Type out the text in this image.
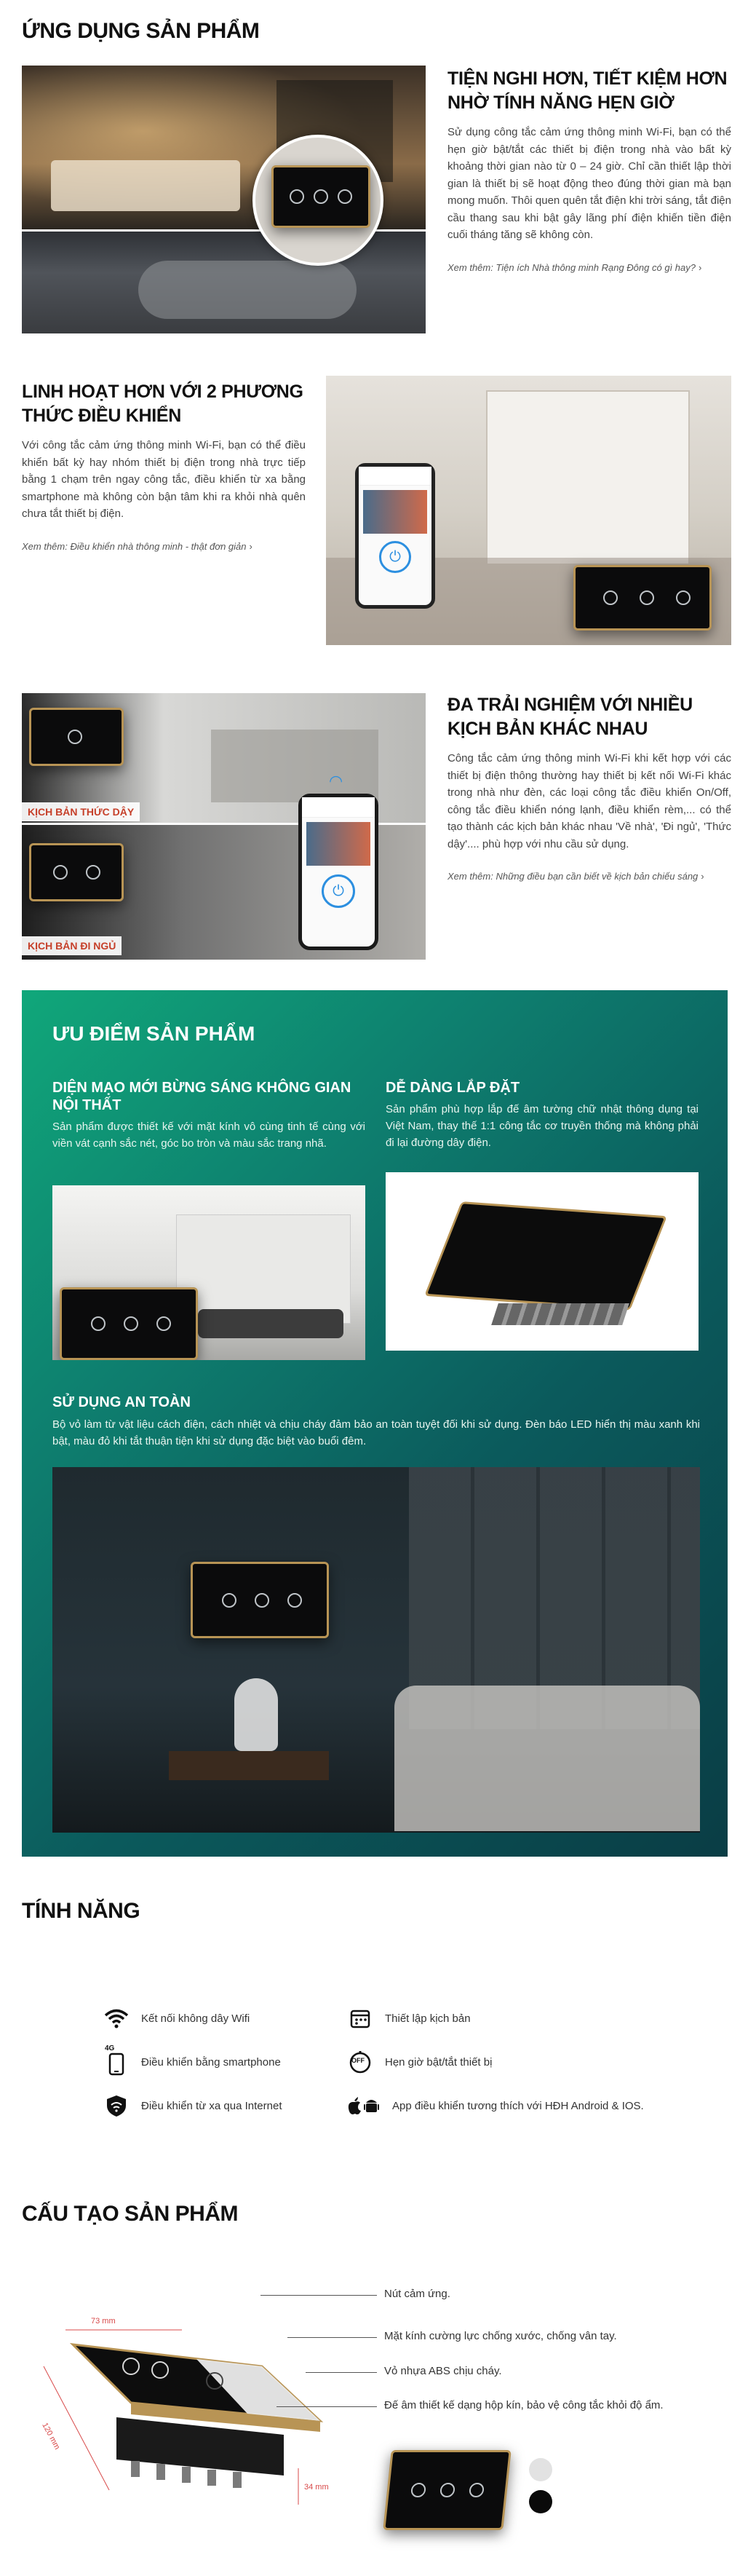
ỨNG DỤNG SẢN PHẨM
TIỆN NGHI HƠN, TIẾT KIỆM HƠN NHỜ TÍNH NĂNG HẸN GIỜ
Sử dụng công tắc cảm ứng thông minh Wi-Fi, bạn có thể hẹn giờ bật/tắt các thiết bị điện trong nhà vào bất kỳ khoảng thời gian nào từ 0 – 24 giờ. Chỉ cần thiết lập thời gian là thiết bị sẽ hoạt động theo đúng thời gian mà bạn mong muốn. Thôi quen quên tắt điện khi trời sáng, tắt điện cầu thang sau khi bật gây lãng phí điện khiến tiền điện cuối tháng tăng sẽ không còn.
Xem thêm: Tiện ích Nhà thông minh Rạng Đông có gì hay? ›
LINH HOẠT HƠN VỚI 2 PHƯƠNG THỨC ĐIỀU KHIỂN
Với công tắc cảm ứng thông minh Wi-Fi, bạn có thể điều khiển bất kỳ hay nhóm thiết bị điện trong nhà trực tiếp bằng 1 chạm trên ngay công tắc, điều khiển từ xa bằng smartphone mà không còn bận tâm khi ra khỏi nhà quên chưa tắt thiết bị điện.
Xem thêm: Điều khiển nhà thông minh - thật đơn giản ›
⏻
KỊCH BẢN THỨC DẬY
KỊCH BẢN ĐI NGỦ
⏻
◠
ĐA TRẢI NGHIỆM VỚI NHIỀU KỊCH BẢN KHÁC NHAU
Công tắc cảm ứng thông minh Wi-Fi khi kết hợp với các thiết bị điện thông thường hay thiết bị kết nối Wi-Fi khác trong nhà như đèn, các loại công tắc điều khiển On/Off, công tắc điều khiển nóng lạnh, điều khiển rèm,... có thể tạo thành các kịch bản khác nhau 'Về nhà', 'Đi ngủ', 'Thức dậy'.... phù hợp với nhu cầu sử dụng.
Xem thêm: Những điều bạn cần biết về kịch bản chiếu sáng ›
ƯU ĐIỂM SẢN PHẨM
DIỆN MẠO MỚI BỪNG SÁNG KHÔNG GIAN NỘI THẤT
Sản phẩm được thiết kế với mặt kính vô cùng tinh tế cùng với viền vát cạnh sắc nét, góc bo tròn và màu sắc trang nhã.
DỄ DÀNG LẮP ĐẶT
Sản phẩm phù hợp lắp đế âm tường chữ nhật thông dụng tại Việt Nam, thay thế 1:1 công tắc cơ truyền thống mà không phải đi lại đường dây điện.
SỬ DỤNG AN TOÀN
Bộ vỏ làm từ vật liệu cách điện, cách nhiệt và chịu cháy đảm bảo an toàn tuyệt đối khi sử dụng. Đèn báo LED hiển thị màu xanh khi bật, màu đỏ khi tắt thuận tiện khi sử dụng đặc biệt vào buổi đêm.
TÍNH NĂNG
Kết nối không dây Wifi	Thiết lập kịch bản
4G
Điều khiển bằng smartphone	OFF Hẹn giờ bật/tắt thiết bị
Điều khiển từ xa qua Internet	App điều khiển tương thích với HĐH Android & IOS.
CẤU TẠO SẢN PHẨM
73 mm
120 mm
34 mm
Nút cảm ứng.
Mặt kính cường lực chống xước, chống vân tay.
Vỏ nhựa ABS chịu cháy.
Đế âm thiết kế dạng hộp kín, bảo vệ công tắc khỏi độ ẩm.
